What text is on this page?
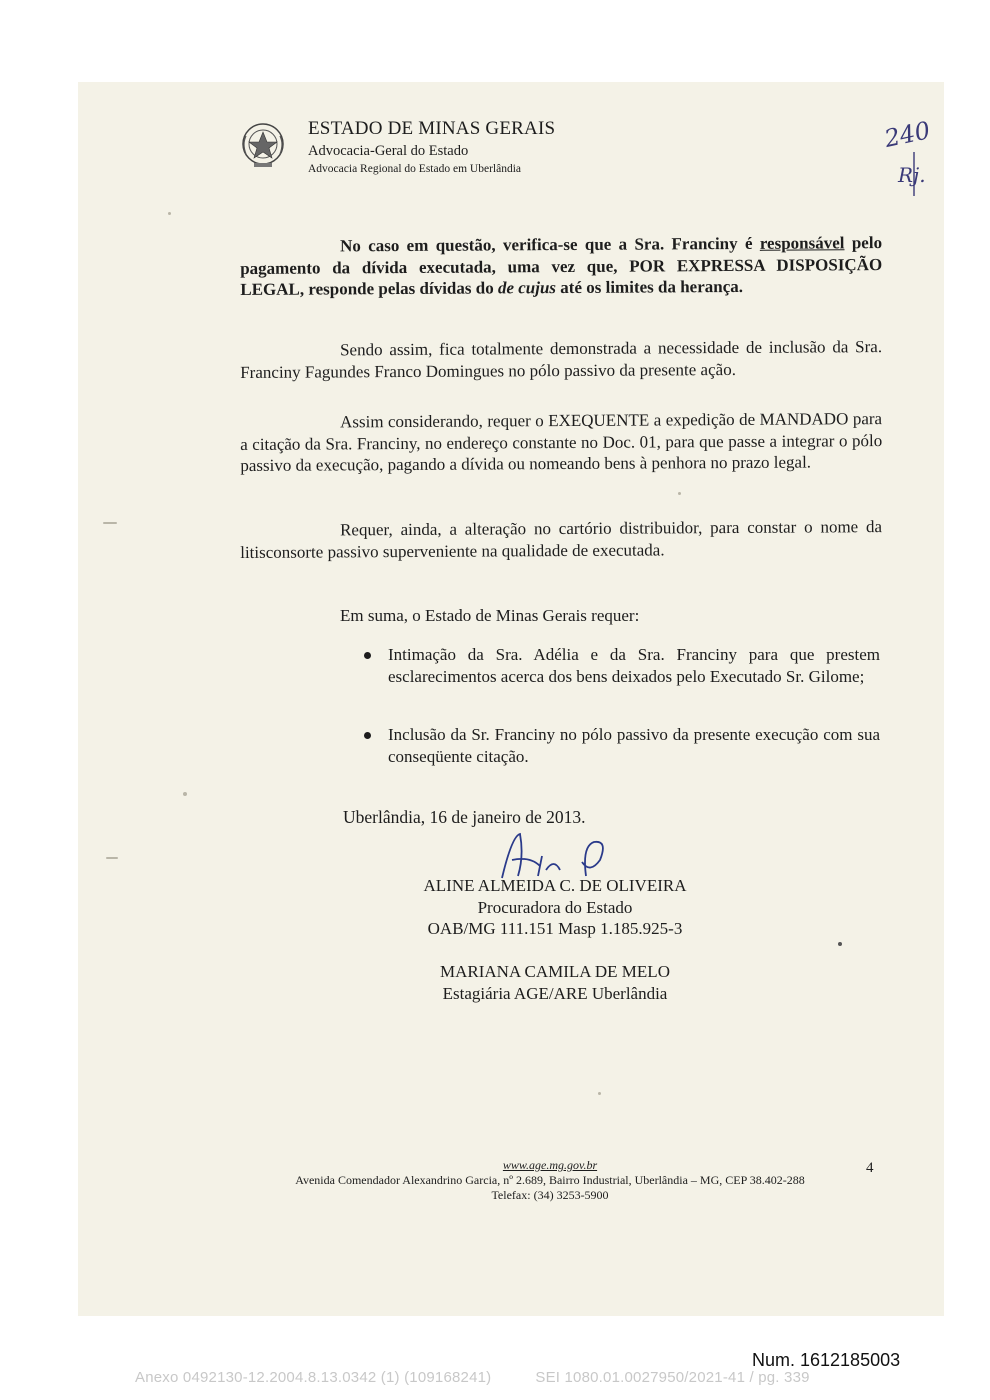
ESTADO DE MINAS GERAIS
Advocacia-Geral do Estado
Advocacia Regional do Estado em Uberlândia
240
Rj.
No caso em questão, verifica-se que a Sra. Franciny é responsável pelo pagamento da dívida executada, uma vez que, POR EXPRESSA DISPOSIÇÃO LEGAL, responde pelas dívidas do de cujus até os limites da herança.
Sendo assim, fica totalmente demonstrada a necessidade de inclusão da Sra. Franciny Fagundes Franco Domingues no pólo passivo da presente ação.
Assim considerando, requer o EXEQUENTE a expedição de MANDADO para a citação da Sra. Franciny, no endereço constante no Doc. 01, para que passe a integrar o pólo passivo da execução, pagando a dívida ou nomeando bens à penhora no prazo legal.
Requer, ainda, a alteração no cartório distribuidor, para constar o nome da litisconsorte passivo superveniente na qualidade de executada.
Em suma, o Estado de Minas Gerais requer:
Intimação da Sra. Adélia e da Sra. Franciny para que prestem esclarecimentos acerca dos bens deixados pelo Executado Sr. Gilome;
Inclusão da Sr. Franciny no pólo passivo da presente execução com sua conseqüente citação.
Uberlândia, 16 de janeiro de 2013.
ALINE ALMEIDA C. DE OLIVEIRA
Procuradora do Estado
OAB/MG 111.151 Masp 1.185.925-3
MARIANA CAMILA DE MELO
Estagiária AGE/ARE Uberlândia
www.age.mg.gov.br
Avenida Comendador Alexandrino Garcia, nº 2.689, Bairro Industrial, Uberlândia – MG, CEP 38.402-288
Telefax: (34) 3253-5900
4
Num. 1612185003
Anexo 0492130-12.2004.8.13.0342 (1) (109168241)	SEI 1080.01.0027950/2021-41 / pg. 339
